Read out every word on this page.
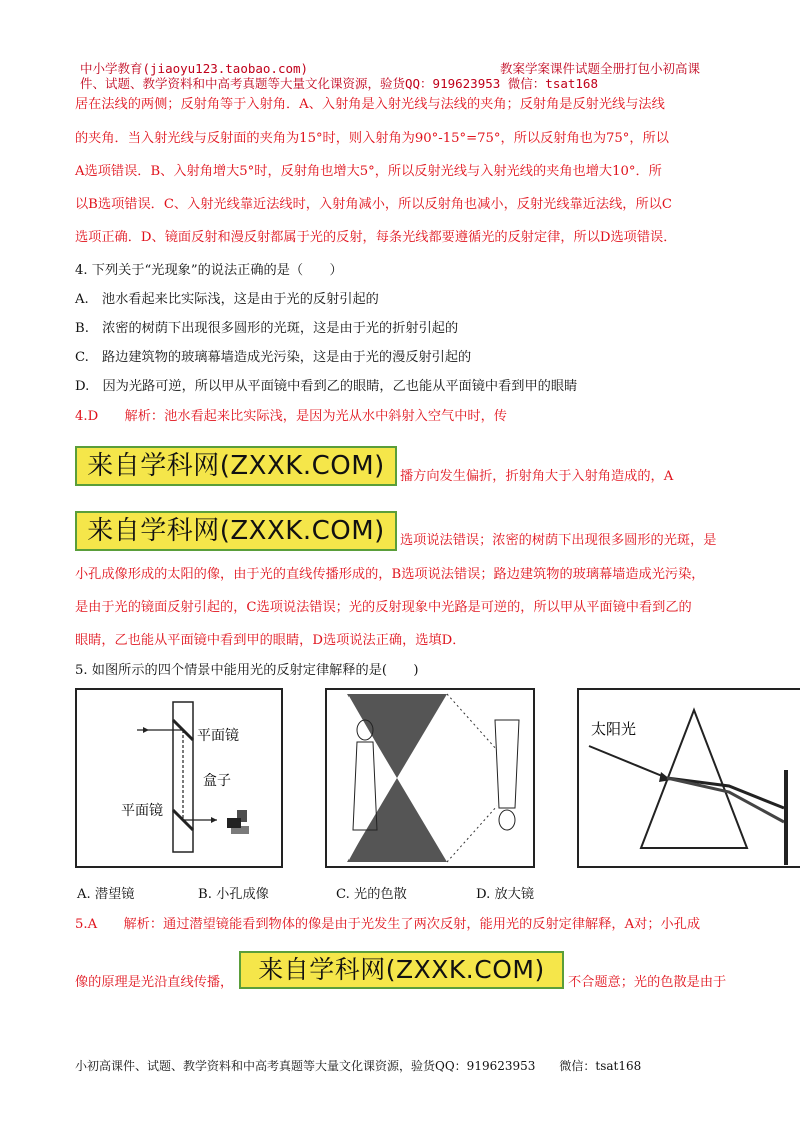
中小学教育(jiaoyu123.taobao.com)	教案学案课件试题全册打包小初高课
件、试题、教学资料和中高考真题等大量文化课资源，验货QQ：919623953 微信：tsat168
居在法线的两侧；反射角等于入射角．A、入射角是入射光线与法线的夹角；反射角是反射光线与法线
的夹角．当入射光线与反射面的夹角为15°时，则入射角为90°-15°=75°，所以反射角也为75°，所以
A选项错误．B、入射角增大5°时，反射角也增大5°，所以反射光线与入射光线的夹角也增大10°．所
以B选项错误．C、入射光线靠近法线时，入射角减小，所以反射角也减小，反射光线靠近法线，所以C
选项正确．D、镜面反射和漫反射都属于光的反射，每条光线都要遵循光的反射定律，所以D选项错误．
4. 下列关于“光现象”的说法正确的是（　　）
A.　池水看起来比实际浅，这是由于光的反射引起的
B.　浓密的树荫下出现很多圆形的光斑，这是由于光的折射引起的
C.　路边建筑物的玻璃幕墙造成光污染，这是由于光的漫反射引起的
D.　因为光路可逆，所以甲从平面镜中看到乙的眼睛，乙也能从平面镜中看到甲的眼睛
4.D　　解析：池水看起来比实际浅，是因为光从水中斜射入空气中时，传
来自学科网(ZXXK.COM)	播方向发生偏折，折射角大于入射角造成的，A
来自学科网(ZXXK.COM)	选项说法错误；浓密的树荫下出现很多圆形的光斑，是
小孔成像形成的太阳的像，由于光的直线传播形成的，B选项说法错误；路边建筑物的玻璃幕墙造成光污染，
是由于光的镜面反射引起的，C选项说法错误；光的反射现象中光路是可逆的，所以甲从平面镜中看到乙的
眼睛，乙也能从平面镜中看到甲的眼睛，D选项说法正确，选填D．
5. 如图所示的四个情景中能用光的反射定律解释的是(　　)
平面镜
盒子
平面镜
太阳光
A. 潜望镜	B. 小孔成像	C. 光的色散	D. 放大镜
5.A　　解析：通过潜望镜能看到物体的像是由于光发生了两次反射，能用光的反射定律解释，A对；小孔成
像的原理是光沿直线传播，	来自学科网(ZXXK.COM)	不合题意；光的色散是由于
小初高课件、试题、教学资料和中高考真题等大量文化课资源，验货QQ：919623953　　微信：tsat168
